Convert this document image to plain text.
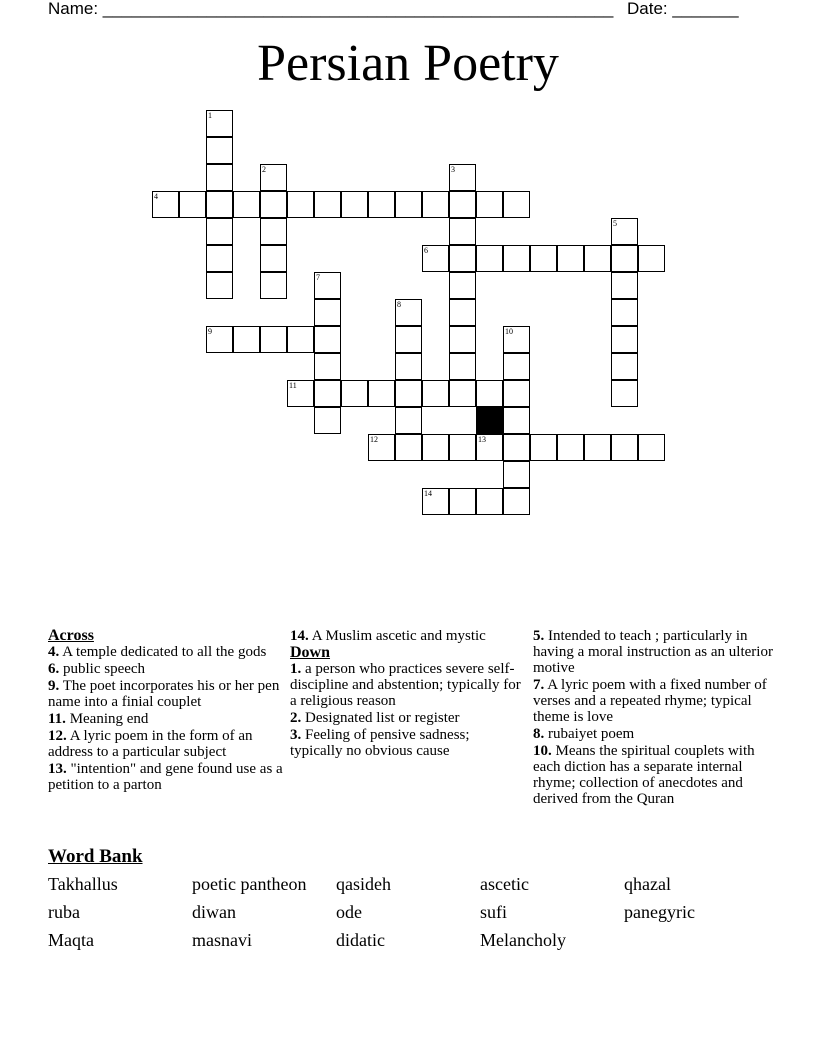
Name: ______________________________________________________ Date: _______
Persian Poetry
1
2	3
5
7
8
10
4
6
9
11
12	13
14
Across
4. A temple dedicated to all the gods
6. public speech
9. The poet incorporates his or her pen name into a finial couplet
11. Meaning end
12. A lyric poem in the form of an address to a particular subject
13. "intention" and gene found use as a petition to a parton
14. A Muslim ascetic and mystic
Down
1. a person who practices severe self-discipline and abstention; typically for a religious reason
2. Designated list or register
3. Feeling of pensive sadness; typically no obvious cause
5. Intended to teach ; particularly in having a moral instruction as an ulterior motive
7. A lyric poem with a fixed number of verses and a repeated rhyme; typical theme is love
8. rubaiyet poem
10. Means the spiritual couplets with each diction has a separate internal rhyme; collection of anecdotes and derived from the Quran
Word Bank
Takhallus	poetic pantheon qasideh	ascetic	qhazal
ruba	diwan	ode	sufi	panegyric
Maqta	masnavi	didatic	Melancholy
